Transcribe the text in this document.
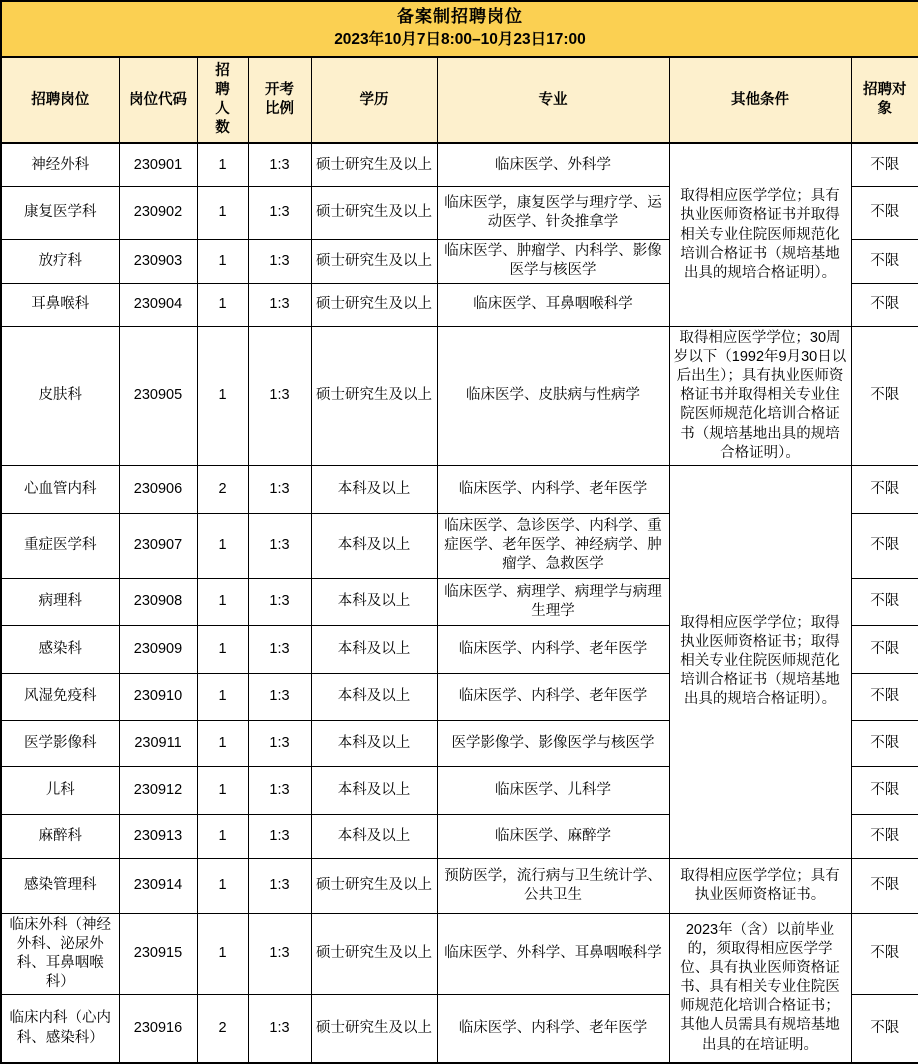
备案制招聘岗位
2023年10月7日8:00–10月23日17:00							

招聘岗位	岗位代码	招聘人数	开考比例	学历	专业	其他条件	招聘对象
神经外科	230901	1	1:3	硕士研究生及以上	临床医学、外科学	取得相应医学学位；具有执业医师资格证书并取得相关专业住院医师规范化培训合格证书（规培基地出具的规培合格证明）。	不限
康复医学科	230902	1	1:3	硕士研究生及以上	临床医学，康复医学与理疗学、运动医学、针灸推拿学		不限
放疗科	230903	1	1:3	硕士研究生及以上	临床医学、肿瘤学、内科学、影像医学与核医学		不限
耳鼻喉科	230904	1	1:3	硕士研究生及以上	临床医学、耳鼻咽喉科学		不限
皮肤科	230905	1	1:3	硕士研究生及以上	临床医学、皮肤病与性病学	取得相应医学学位；30周岁以下（1992年9月30日以后出生）；具有执业医师资格证书并取得相关专业住院医师规范化培训合格证书（规培基地出具的规培合格证明）。	不限
心血管内科	230906	2	1:3	本科及以上	临床医学、内科学、老年医学	取得相应医学学位；取得执业医师资格证书；取得相关专业住院医师规范化培训合格证书（规培基地出具的规培合格证明）。	不限
重症医学科	230907	1	1:3	本科及以上	临床医学、急诊医学、内科学、重症医学、老年医学、神经病学、肿瘤学、急救医学		不限
病理科	230908	1	1:3	本科及以上	临床医学、病理学、病理学与病理生理学		不限
感染科	230909	1	1:3	本科及以上	临床医学、内科学、老年医学		不限
风湿免疫科	230910	1	1:3	本科及以上	临床医学、内科学、老年医学		不限
医学影像科	230911	1	1:3	本科及以上	医学影像学、影像医学与核医学		不限
儿科	230912	1	1:3	本科及以上	临床医学、儿科学		不限
麻醉科	230913	1	1:3	本科及以上	临床医学、麻醉学		不限
感染管理科	230914	1	1:3	硕士研究生及以上	预防医学，流行病与卫生统计学、公共卫生	取得相应医学学位；具有执业医师资格证书。	不限
临床外科（神经外科、泌尿外科、耳鼻咽喉科）	230915	1	1:3	硕士研究生及以上	临床医学、外科学、耳鼻咽喉科学	2023年（含）以前毕业的，须取得相应医学学位、具有执业医师资格证书、具有相关专业住院医师规范化培训合格证书；其他人员需具有规培基地出具的在培证明。	不限
临床内科（心内科、感染科）	230916	2	1:3	硕士研究生及以上	临床医学、内科学、老年医学		不限
